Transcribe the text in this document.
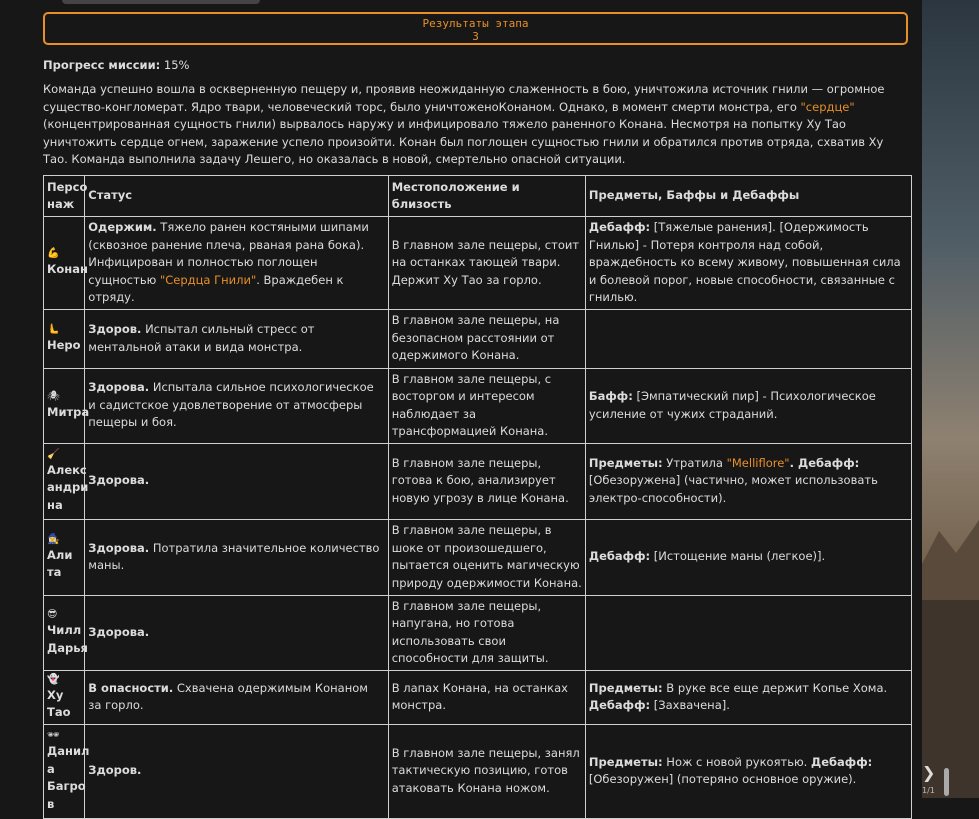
❯
1/1
Результаты этапа
3
Прогресс миссии: 15%
Команда успешно вошла в оскверненную пещеру и, проявив неожиданную слаженность в бою, уничтожила источник гнили — огромное существо-конгломерат. Ядро твари, человеческий торс, было уничтоженоКонаном. Однако, в момент смерти монстра, его "сердце" (концентрированная сущность гнили) вырвалось наружу и инфицировало тяжело раненного Конана. Несмотря на попытку Ху Тао уничтожить сердце огнем, заражение успело произойти. Конан был поглощен сущностью гнили и обратился против отряда, схватив Ху Тао. Команда выполнила задачу Лешего, но оказалась в новой, смертельно опасной ситуации.
Персо наж	Статус	Местоположение и близость	Предметы, Баффы и Дебаффы

💪
Конан	Одержим. Тяжело ранен костяными шипами (сквозное ранение плеча, рваная рана бока). Инфицирован и полностью поглощен сущностью "Сердца Гнили". Враждебен к отряду.	В главном зале пещеры, стоит на останках тающей твари. Держит Ху Тао за горло.	Дебафф: [Тяжелые ранения]. [Одержимость Гнилью] - Потеря контроля над собой, враждебность ко всему живому, повышенная сила и болевой порог, новые способности, связанные с гнилью.

🫷
Неро	Здоров. Испытал сильный стресс от ментальной атаки и вида монстра.	В главном зале пещеры, на безопасном расстоянии от одержимого Конана.	

🕷
Митра	Здорова. Испытала сильное психологическое и садистское удовлетворение от атмосферы пещеры и боя.	В главном зале пещеры, с восторгом и интересом наблюдает за трансформацией Конана.	Бафф: [Эмпатический пир] - Психологическое усиление от чужих страданий.

🧹
Алекс андри на	Здорова.	В главном зале пещеры, готова к бою, анализирует новую угрозу в лице Конана.	Предметы: Утратила "Melliflore". Дебафф: [Обезоружена] (частично, может использовать электро-способности).

🧙‍♀️
Али та	Здорова. Потратила значительное количество маны.	В главном зале пещеры, в шоке от произошедшего, пытается оценить магическую природу одержимости Конана.	Дебафф: [Истощение маны (легкое)].

😎
Чилл Дарья	Здорова.	В главном зале пещеры, напугана, но готова использовать свои способности для защиты.	

👻
Ху Тао	В опасности. Схвачена одержимым Конаном за горло.	В лапах Конана, на останках монстра.	Предметы: В руке все еще держит Копье Хома.
Дебафф: [Захвачена].

🕶
Данил а Багро в	Здоров.	В главном зале пещеры, занял тактическую позицию, готов атаковать Конана ножом.	Предметы: Нож с новой рукоятью. Дебафф: [Обезоружен] (потеряно основное оружие).
